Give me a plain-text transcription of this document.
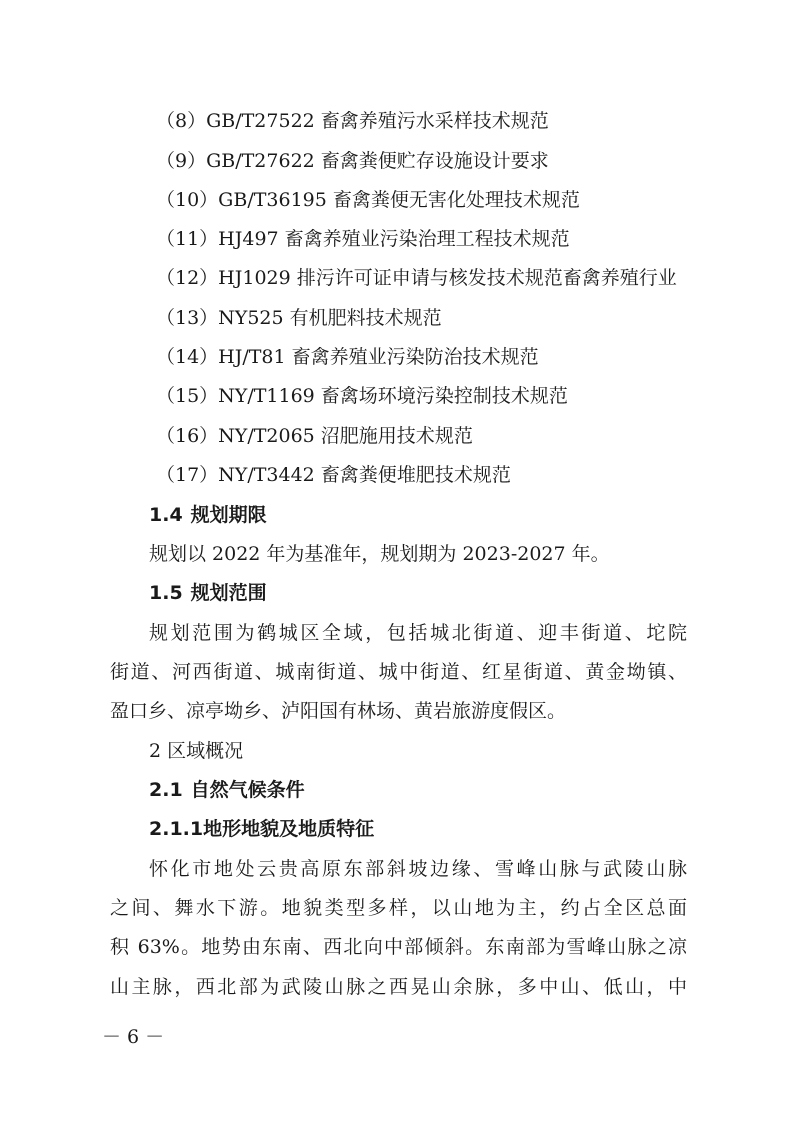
（8）GB/T27522 畜禽养殖污水采样技术规范
（9）GB/T27622 畜禽粪便贮存设施设计要求
（10）GB/T36195 畜禽粪便无害化处理技术规范
（11）HJ497 畜禽养殖业污染治理工程技术规范
（12）HJ1029 排污许可证申请与核发技术规范畜禽养殖行业
（13）NY525 有机肥料技术规范
（14）HJ/T81 畜禽养殖业污染防治技术规范
（15）NY/T1169 畜禽场环境污染控制技术规范
（16）NY/T2065 沼肥施用技术规范
（17）NY/T3442 畜禽粪便堆肥技术规范
1.4 规划期限
规划以 2022 年为基准年，规划期为 2023-2027 年。
1.5 规划范围
规划范围为鹤城区全域，包括城北街道、迎丰街道、坨院
街道、河西街道、城南街道、城中街道、红星街道、黄金坳镇、
盈口乡、凉亭坳乡、泸阳国有林场、黄岩旅游度假区。
2 区域概况
2.1 自然气候条件
2.1.1地形地貌及地质特征
怀化市地处云贵高原东部斜坡边缘、雪峰山脉与武陵山脉
之间、舞水下游。地貌类型多样，以山地为主，约占全区总面
积 63%。地势由东南、西北向中部倾斜。东南部为雪峰山脉之凉
山主脉，西北部为武陵山脉之西晃山余脉，多中山、低山，中
－ 6 －
